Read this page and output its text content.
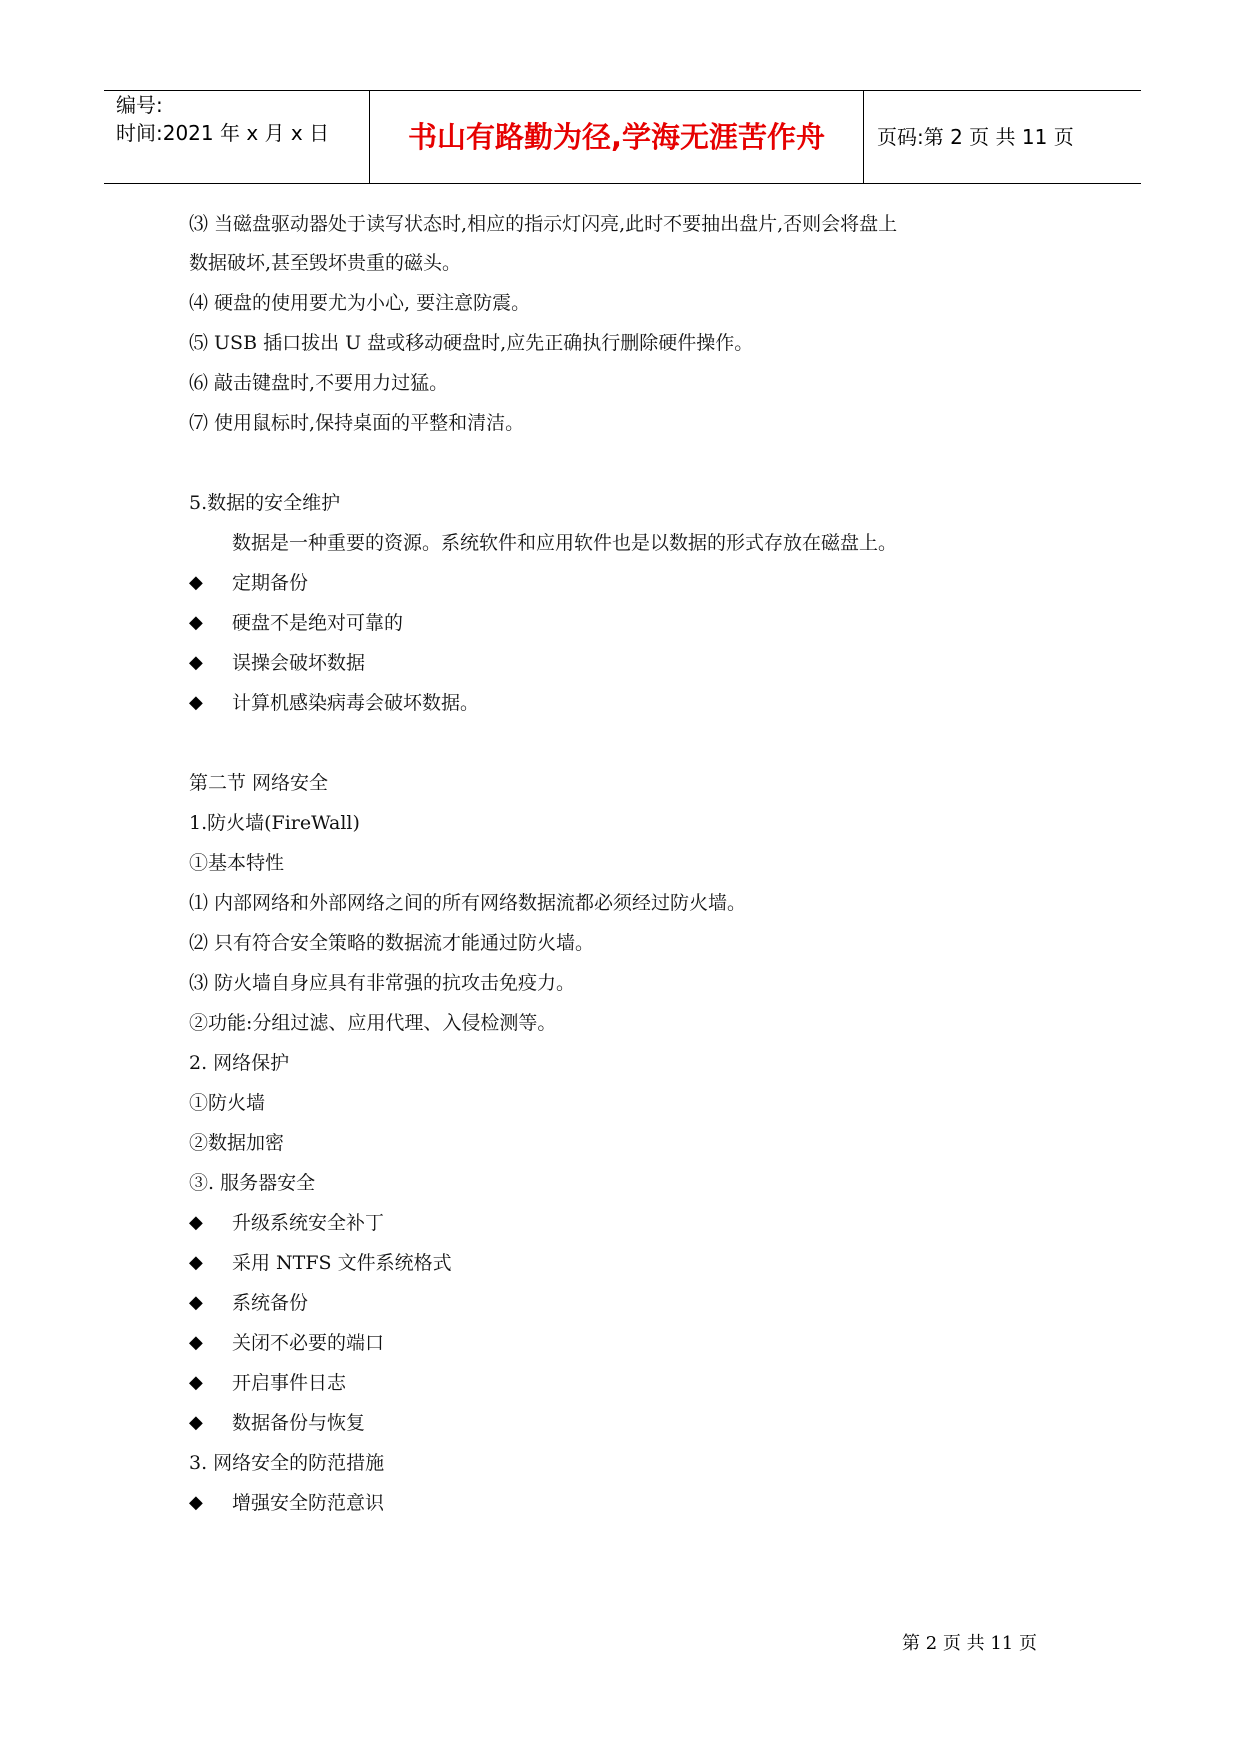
编号:
时间:2021 年 x 月 x 日	书山有路勤为径,学海无涯苦作舟	页码:第 2 页 共 11 页
⑶ 当磁盘驱动器处于读写状态时,相应的指示灯闪亮,此时不要抽出盘片,否则会将盘上
数据破坏,甚至毁坏贵重的磁头。
⑷ 硬盘的使用要尤为小心, 要注意防震。
⑸ USB 插口拔出 U 盘或移动硬盘时,应先正确执行删除硬件操作。
⑹ 敲击键盘时,不要用力过猛。
⑺ 使用鼠标时,保持桌面的平整和清洁。
5.数据的安全维护
数据是一种重要的资源。系统软件和应用软件也是以数据的形式存放在磁盘上。
◆	定期备份
◆	硬盘不是绝对可靠的
◆	误操会破坏数据
◆	计算机感染病毒会破坏数据。
第二节 网络安全
1.防火墙(FireWall)
①基本特性
⑴ 内部网络和外部网络之间的所有网络数据流都必须经过防火墙。
⑵ 只有符合安全策略的数据流才能通过防火墙。
⑶ 防火墙自身应具有非常强的抗攻击免疫力。
②功能:分组过滤、应用代理、入侵检测等。
2. 网络保护
①防火墙
②数据加密
③. 服务器安全
◆	升级系统安全补丁
◆	采用 NTFS 文件系统格式
◆	系统备份
◆	关闭不必要的端口
◆	开启事件日志
◆	数据备份与恢复
3. 网络安全的防范措施
◆	增强安全防范意识
第 2 页 共 11 页
